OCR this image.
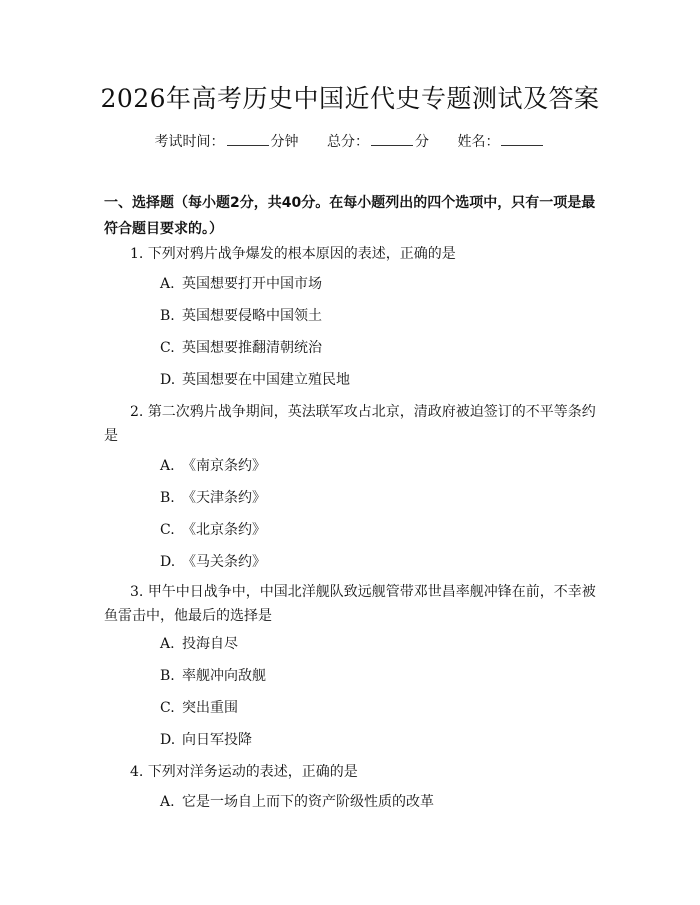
2026年高考历史中国近代史专题测试及答案
考试时间：	分钟 总分：	分 姓名：
一、选择题（每小题2分，共40分。在每小题列出的四个选项中，只有一项是最符合题目要求的。）
1. 下列对鸦片战争爆发的根本原因的表述，正确的是
A. 英国想要打开中国市场
B. 英国想要侵略中国领土
C. 英国想要推翻清朝统治
D. 英国想要在中国建立殖民地
2. 第二次鸦片战争期间，英法联军攻占北京，清政府被迫签订的不平等条约是
A. 《南京条约》
B. 《天津条约》
C. 《北京条约》
D. 《马关条约》
3. 甲午中日战争中，中国北洋舰队致远舰管带邓世昌率舰冲锋在前，不幸被鱼雷击中，他最后的选择是
A. 投海自尽
B. 率舰冲向敌舰
C. 突出重围
D. 向日军投降
4. 下列对洋务运动的表述，正确的是
A. 它是一场自上而下的资产阶级性质的改革
